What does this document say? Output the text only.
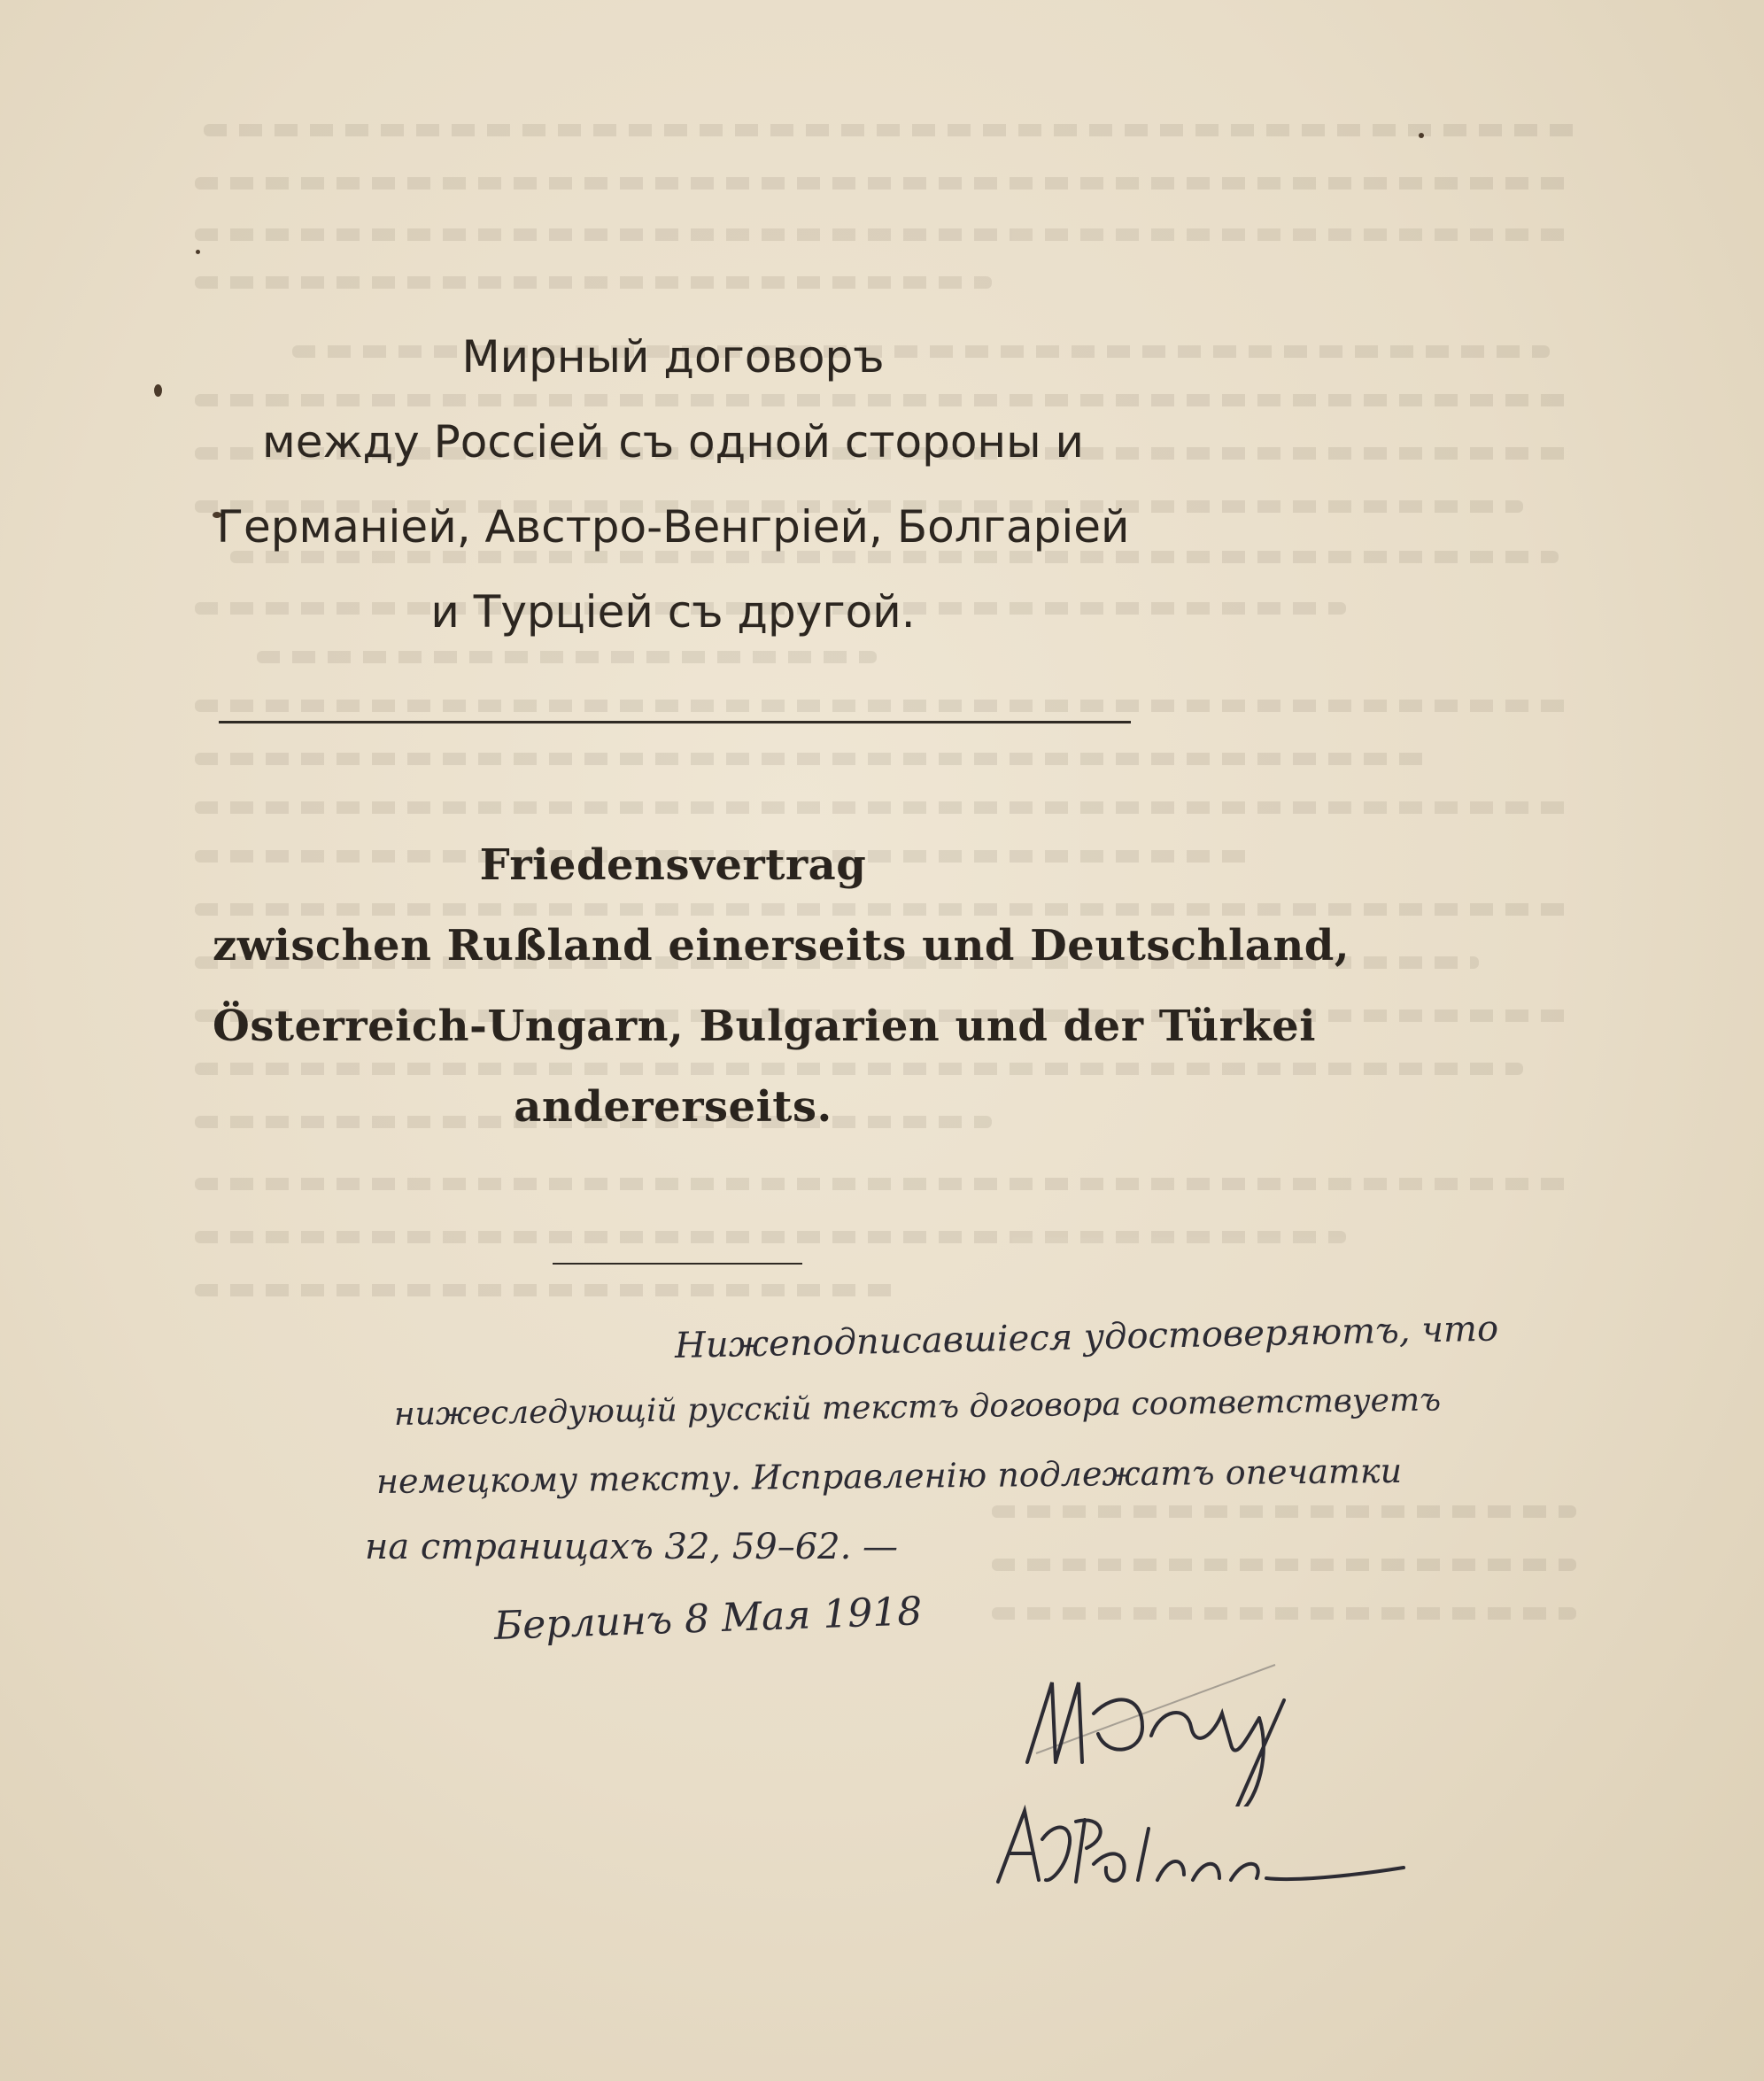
Мирный договоръ
между Россiей съ одной стороны и
Германiей, Австро-Венгрiей, Болгарiей
и Турцiей съ другой.
Friedensvertrag
zwischen Rußland einerseits und Deutschland,
Österreich-Ungarn, Bulgarien und der Türkei
andererseits.
Нижеподписавшiеся удостоверяютъ, что
нижеследующiй русскiй текстъ договора соответствуетъ
немецкому тексту. Исправленiю подлежатъ опечатки
на страницахъ 32, 59–62. —
Берлинъ 8 Мая 1918
